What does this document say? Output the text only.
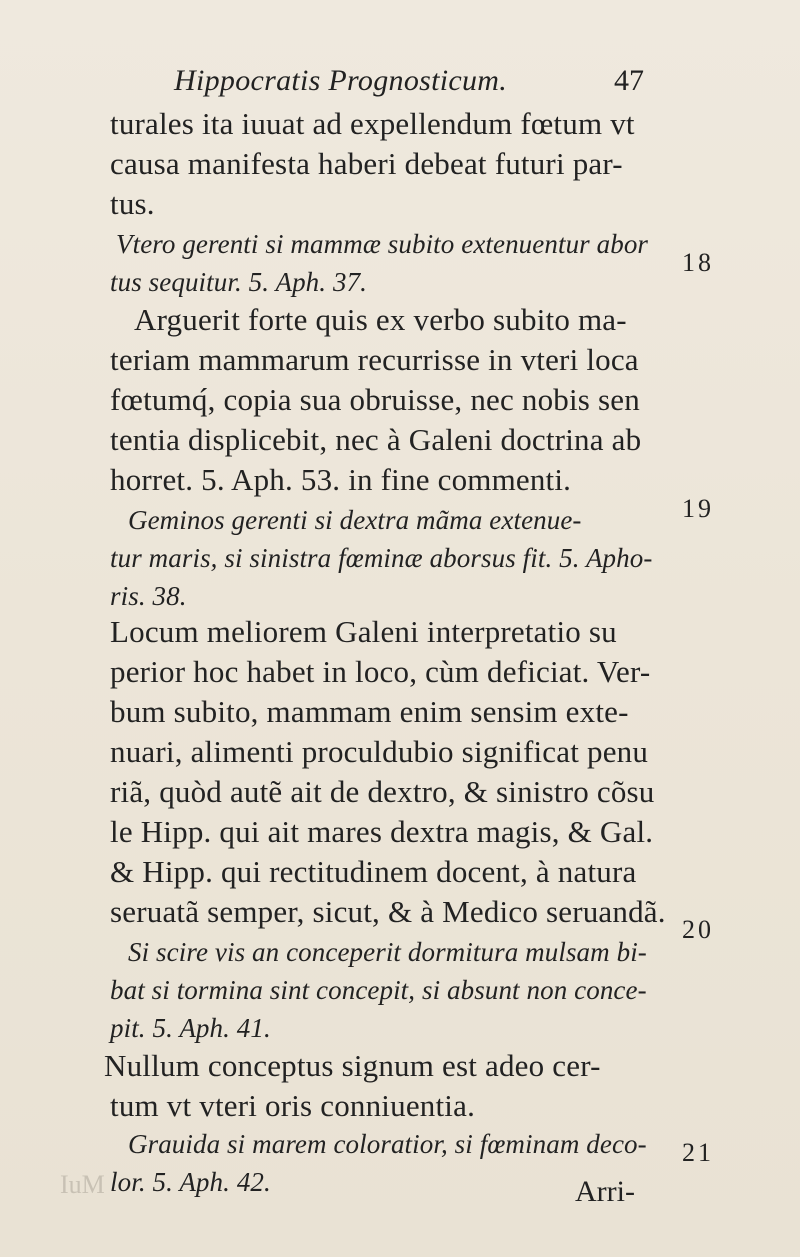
Hippocratis Prognosticum.	47
turales ita iuuat ad expellendum fœtum vt
causa manifesta haberi debeat futuri par-
tus.
Vtero gerenti si mammæ subito extenuentur abor
tus sequitur. 5. Aph. 37.
Arguerit forte quis ex verbo subito ma-
teriam mammarum recurrisse in vteri loca
fœtumq́, copia sua obruisse, nec nobis sen
tentia displicebit, nec à Galeni doctrina ab
horret. 5. Aph. 53. in fine commenti.
Geminos gerenti si dextra mãma extenue-
tur maris, si sinistra fœminæ aborsus fit. 5. Apho-
ris. 38.
Locum meliorem Galeni interpretatio su
perior hoc habet in loco, cùm deficiat. Ver-
bum subito, mammam enim sensim exte-
nuari, alimenti proculdubio significat penu
riã, quòd autẽ ait de dextro, & sinistro cõsu
le Hipp. qui ait mares dextra magis, & Gal.
& Hipp. qui rectitudinem docent, à natura
seruatã semper, sicut, & à Medico seruandã.
Si scire vis an conceperit dormitura mulsam bi-
bat si tormina sint concepit, si absunt non conce-
pit. 5. Aph. 41.
Nullum conceptus signum est adeo cer-
tum vt vteri oris conniuentia.
Grauida si marem coloratior, si fœminam deco-
lor. 5. Aph. 42.
18
19
20
21
IuM	Arri-
